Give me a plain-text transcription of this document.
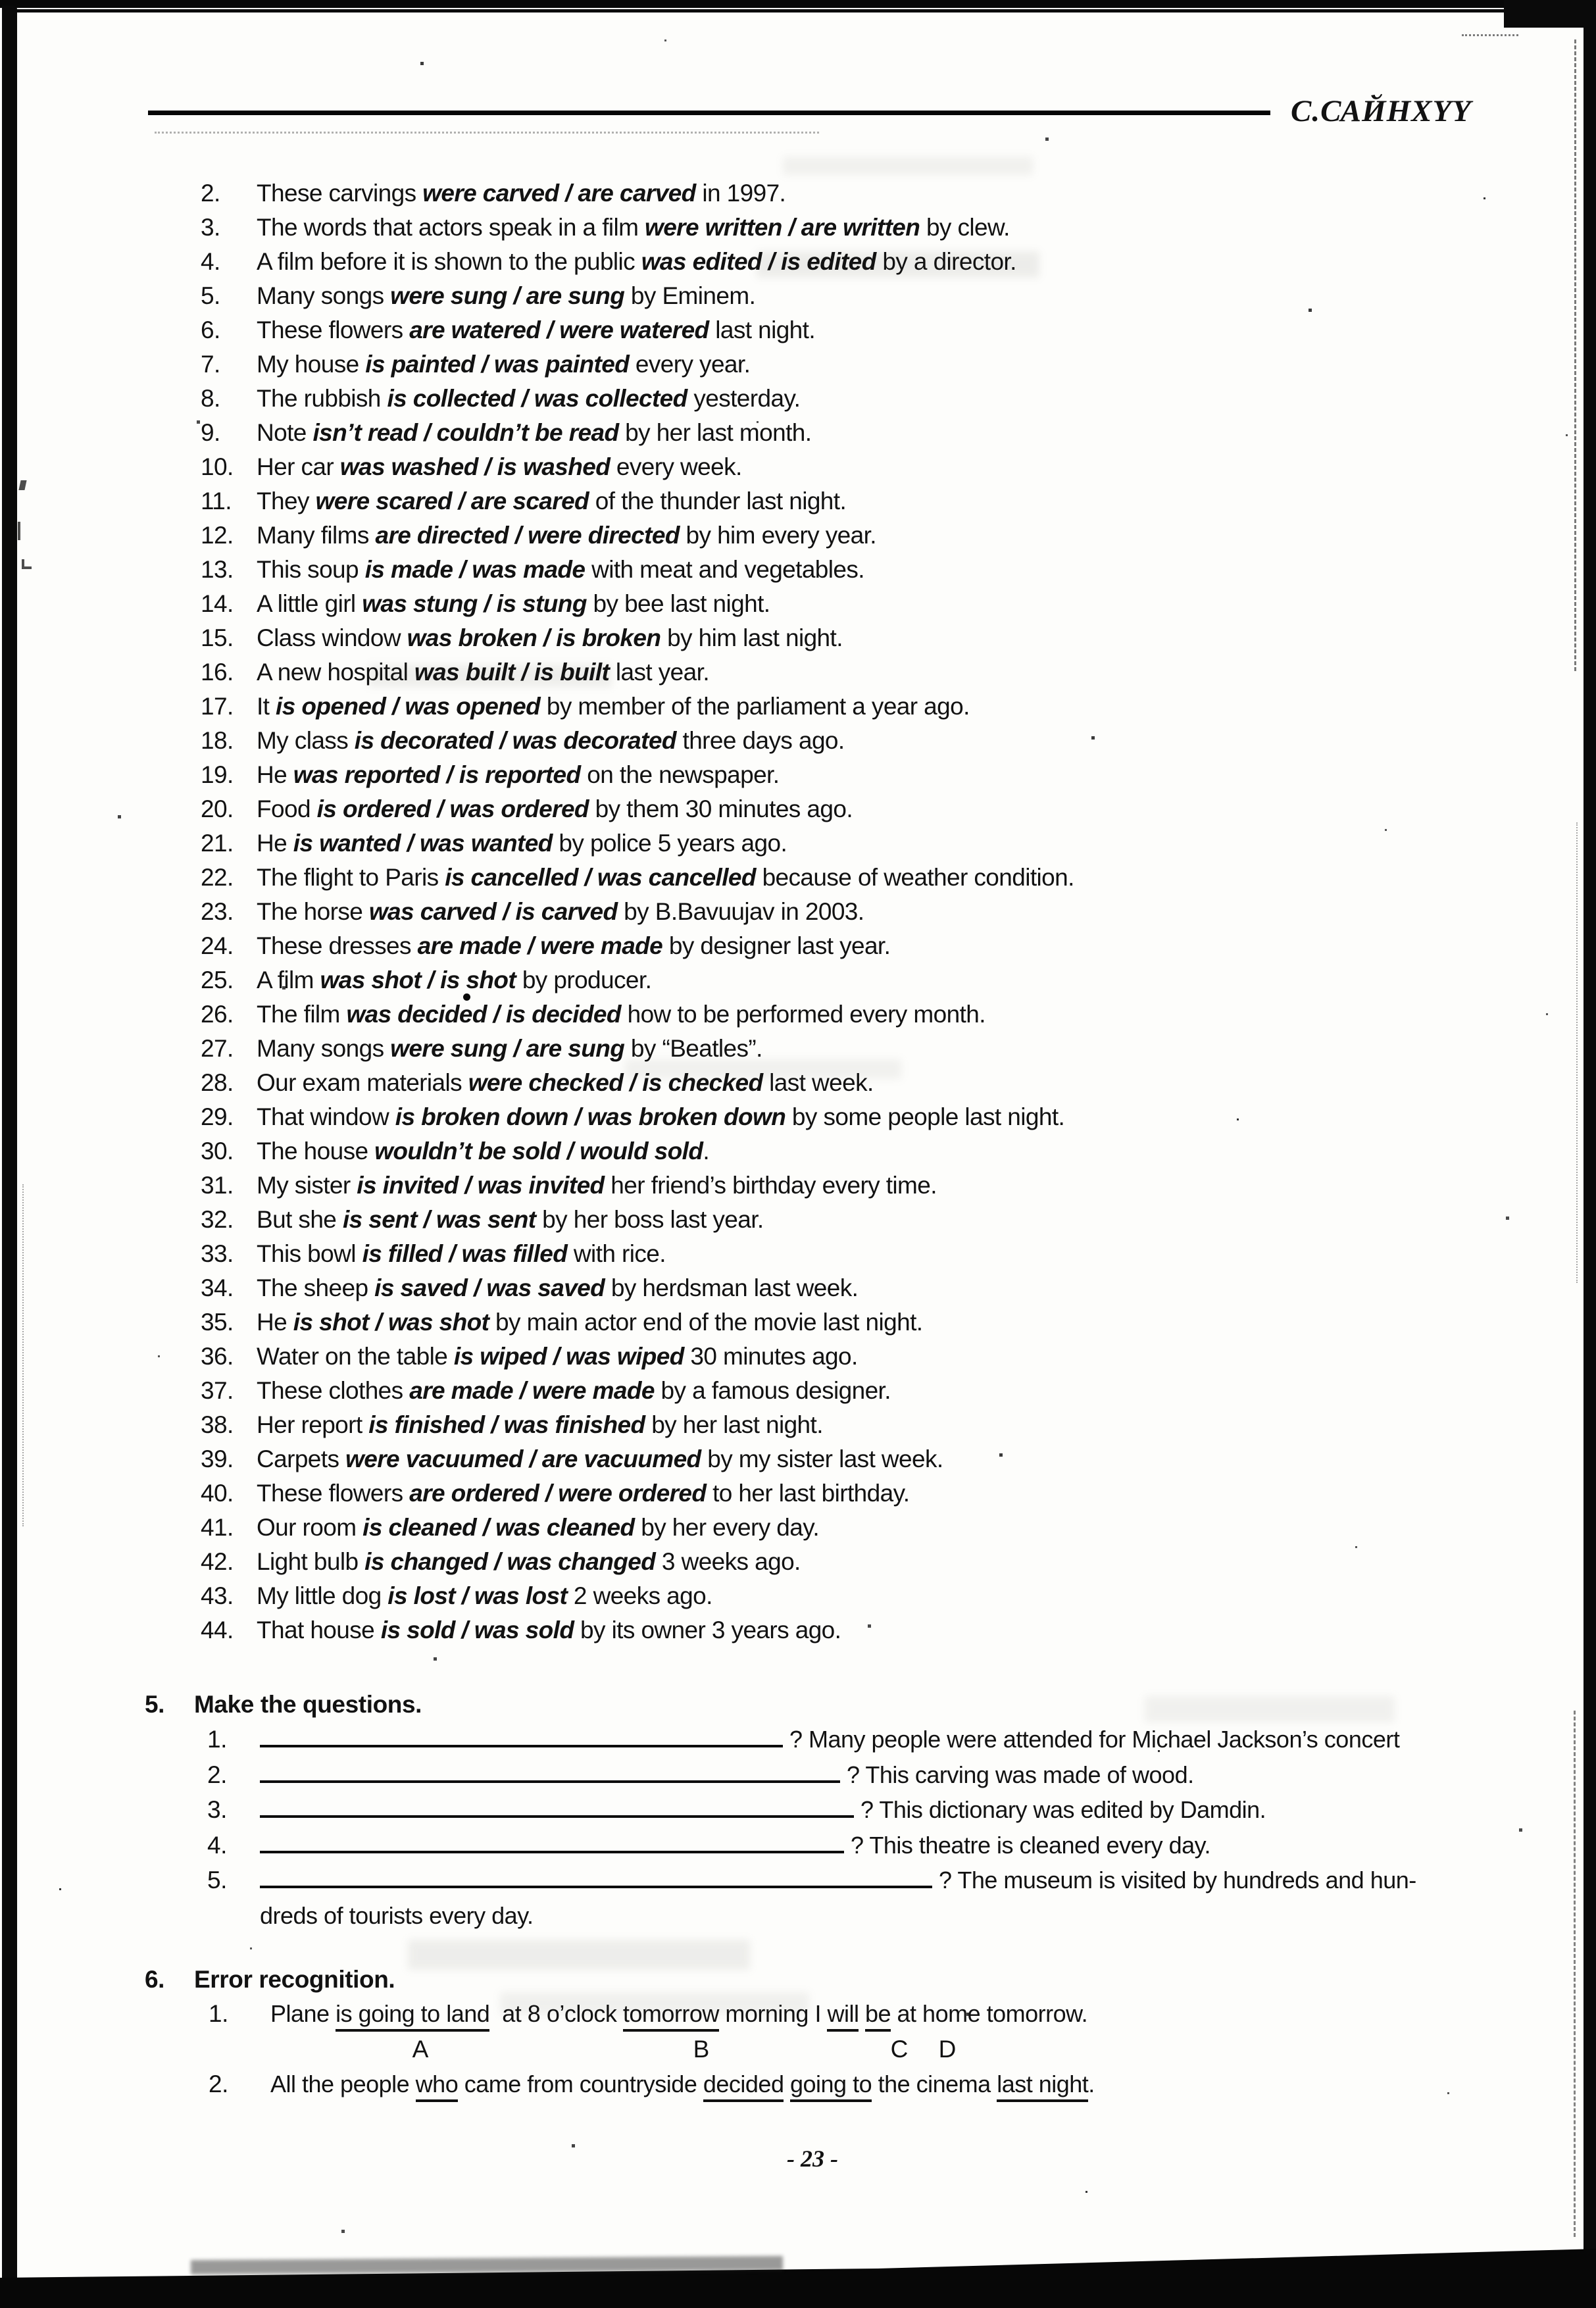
С.САЙНХҮҮ
2. These carvings were carved / are carved in 1997.
3. The words that actors speak in a film were written / are written by clew.
4. A film before it is shown to the public was edited / is edited by a director.
5. Many songs were sung / are sung by Eminem.
6. These flowers are watered / were watered last night.
7. My house is painted / was painted every year.
8. The rubbish is collected / was collected yesterday.
9. Note isn’t read / couldn’t be read by her last month.
10. Her car was washed / is washed every week.
11. They were scared / are scared of the thunder last night.
12. Many films are directed / were directed by him every year.
13. This soup is made / was made with meat and vegetables.
14. A little girl was stung / is stung by bee last night.
15. Class window was broken / is broken by him last night.
16. A new hospital was built / is built last year.
17. It is opened / was opened by member of the parliament a year ago.
18. My class is decorated / was decorated three days ago.
19. He was reported / is reported on the newspaper.
20. Food is ordered / was ordered by them 30 minutes ago.
21. He is wanted / was wanted by police 5 years ago.
22. The flight to Paris is cancelled / was cancelled because of weather condition.
23. The horse was carved / is carved by B.Bavuujav in 2003.
24. These dresses are made / were made by designer last year.
25. A film was shot / is shot by producer.
26. The film was decided / is decided how to be performed every month.
27. Many songs were sung / are sung by “Beatles”.
28. Our exam materials were checked / is checked last week.
29. That window is broken down / was broken down by some people last night.
30. The house wouldn’t be sold / would sold.
31. My sister is invited / was invited her friend’s birthday every time.
32. But she is sent / was sent by her boss last year.
33. This bowl is filled / was filled with rice.
34. The sheep is saved / was saved by herdsman last week.
35. He is shot / was shot by main actor end of the movie last night.
36. Water on the table is wiped / was wiped 30 minutes ago.
37. These clothes are made / were made by a famous designer.
38. Her report is finished / was finished by her last night.
39. Carpets were vacuumed / are vacuumed by my sister last week.
40. These flowers are ordered / were ordered to her last birthday.
41. Our room is cleaned / was cleaned by her every day.
42. Light bulb is changed / was changed 3 weeks ago.
43. My little dog is lost / was lost 2 weeks ago.
44. That house is sold / was sold by its owner 3 years ago.
5. Make the questions.
1.	? Many people were attended for Michael Jackson’s concert
2.	? This carving was made of wood.
3.	? This dictionary was edited by Damdin.
4.	? This theatre is cleaned every day.
5.	? The museum is visited by hundreds and hun-
dreds of tourists every day.
6. Error recognition.
1. Plane is going to land  at 8 o’clock tomorrow morning I will be at home tomorrow.
A	B	C D
2. All the people who came from countryside decided going to the cinema last night.
- 23 -
